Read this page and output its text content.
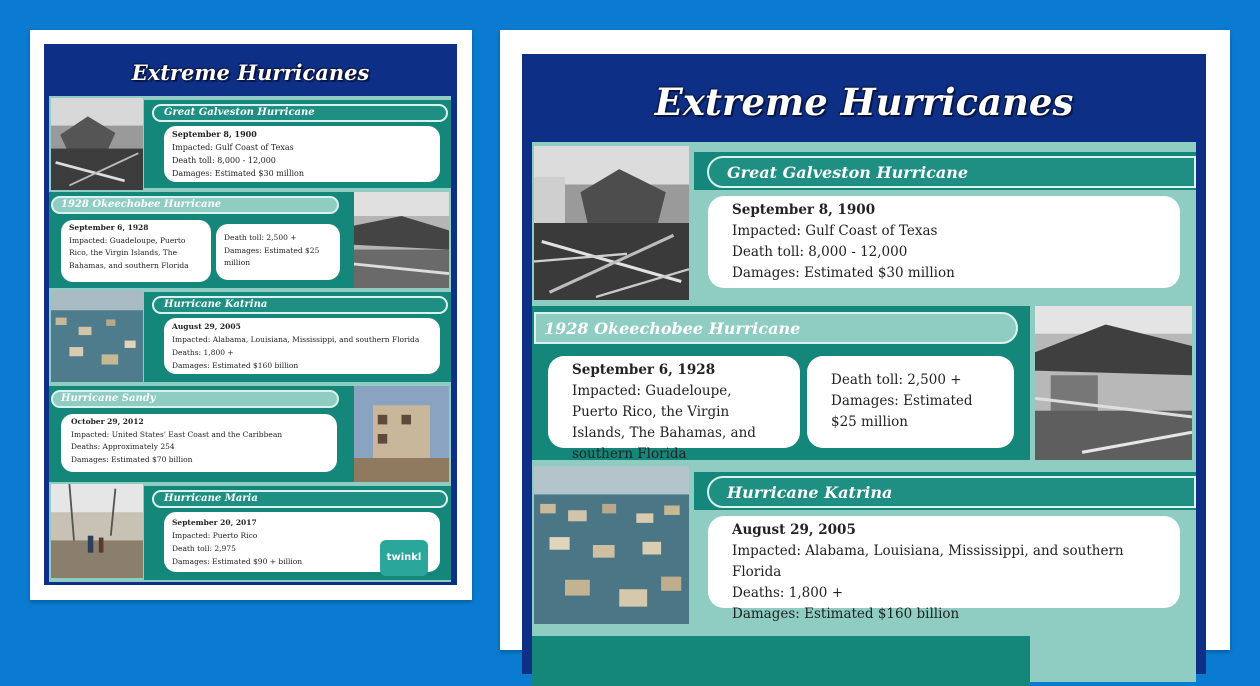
Extreme Hurricanes
Great Galveston Hurricane
September 8, 1900
Impacted: Gulf Coast of Texas
Death toll: 8,000 - 12,000
Damages: Estimated $30 million
1928 Okeechobee Hurricane
September 6, 1928
Impacted: Guadeloupe, Puerto Rico, the Virgin Islands, The Bahamas, and southern Florida
Death toll: 2,500 +
Damages: Estimated $25 million
Hurricane Katrina
August 29, 2005
Impacted: Alabama, Louisiana, Mississippi, and southern Florida
Deaths: 1,800 +
Damages: Estimated $160 billion
Hurricane Sandy
October 29, 2012
Impacted: United States' East Coast and the Caribbean
Deaths: Approximately 254
Damages: Estimated $70 billion
Hurricane Maria
September 20, 2017
Impacted: Puerto Rico
Death toll: 2,975
Damages: Estimated $90 + billion	twinkl
Extreme Hurricanes
Great Galveston Hurricane
September 8, 1900
Impacted: Gulf Coast of Texas
Death toll: 8,000 - 12,000
Damages: Estimated $30 million
1928 Okeechobee Hurricane
September 6, 1928
Impacted: Guadeloupe, Puerto Rico, the Virgin Islands, The Bahamas, and southern Florida
Death toll: 2,500 +
Damages: Estimated $25 million
Hurricane Katrina
August 29, 2005
Impacted: Alabama, Louisiana, Mississippi, and southern Florida
Deaths: 1,800 +
Damages: Estimated $160 billion
